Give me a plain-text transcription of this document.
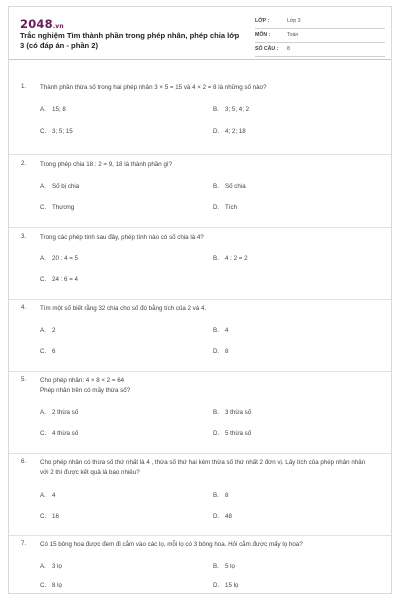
2048.vn
Trắc nghiệm Tìm thành phần trong phép nhân, phép chia lớp 3 (có đáp án - phần 2)
LỚP :	Lớp 3
MÔN :	Toán
SỐ CÂU : 8
1. Thành phần thừa số trong hai phép nhân 3 × 5 = 15 và 4 × 2 = 8 là những số nào?
A. 15; 8	B. 3; 5; 4; 2
C. 3; 5; 15	D. 4; 2; 18
2. Trong phép chia 18 : 2 = 9, 18 là thành phần gì?
A. Số bị chia	B. Số chia
C. Thương	D. Tích
3. Trong các phép tính sau đây, phép tính nào có số chia là 4?
A. 20 : 4 = 5	B. 4 : 2 = 2
C. 24 : 6 = 4
4. Tìm một số biết rằng 32 chia cho số đó bằng tích của 2 và 4.
A. 2	B. 4
C. 6	D. 8
5. Cho phép nhân: 4 × 8 × 2 = 64
Phép nhân trên có mấy thừa số?
A. 2 thừa số	B. 3 thừa số
C. 4 thừa số	D. 5 thừa số
6. Cho phép nhân có thừa số thứ nhất là 4 , thừa số thứ hai kém thừa số thứ nhất 2 đơn vị. Lấy tích của phép nhân nhân với 2 thì được kết quả là bao nhiêu?
A. 4	B. 8
C. 16	D. 48
7. Có 15 bông hoa được đem đi cắm vào các lọ, mỗi lọ có 3 bông hoa. Hỏi cắm được mấy lọ hoa?
A. 3 lọ	B. 5 lọ
C. 8 lọ	D. 15 lọ
